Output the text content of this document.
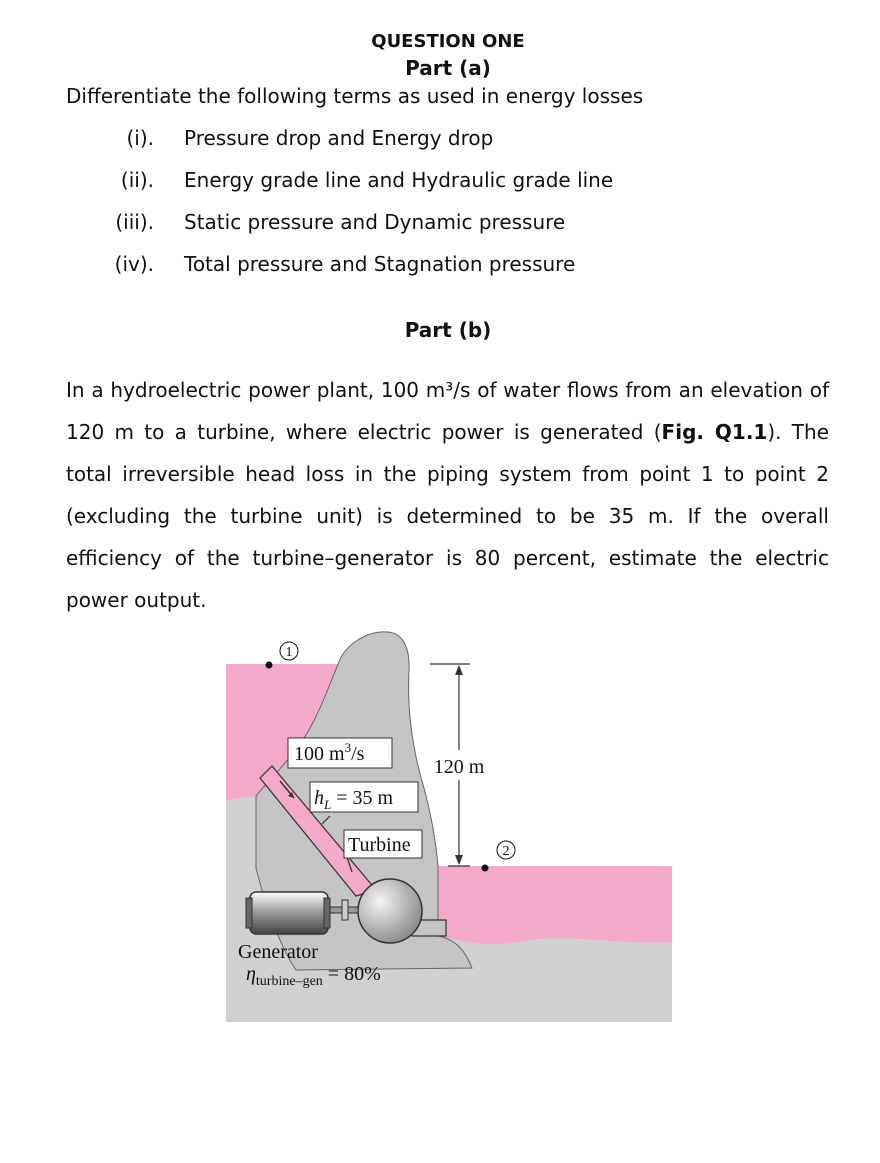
QUESTION ONE
Part (a)
Differentiate the following terms as used in energy losses
(i). Pressure drop and Energy drop
(ii). Energy grade line and Hydraulic grade line
(iii). Static pressure and Dynamic pressure
(iv). Total pressure and Stagnation pressure
Part (b)

In a hydroelectric power plant, 100 m³/s of water flows from an elevation of 120 m to a turbine, where electric power is generated (Fig. Q1.1). The total irreversible head loss in the piping system from point 1 to point 2 (excluding the turbine unit) is determined to be 35 m. If the overall efficiency of the turbine–generator is 80 percent, estimate the electric power output.

1
2
120 m
100 $m^3/s$
$h_L = 35$ m
Turbine
Generator
$\eta_{turbine-gen} = 80\%$
